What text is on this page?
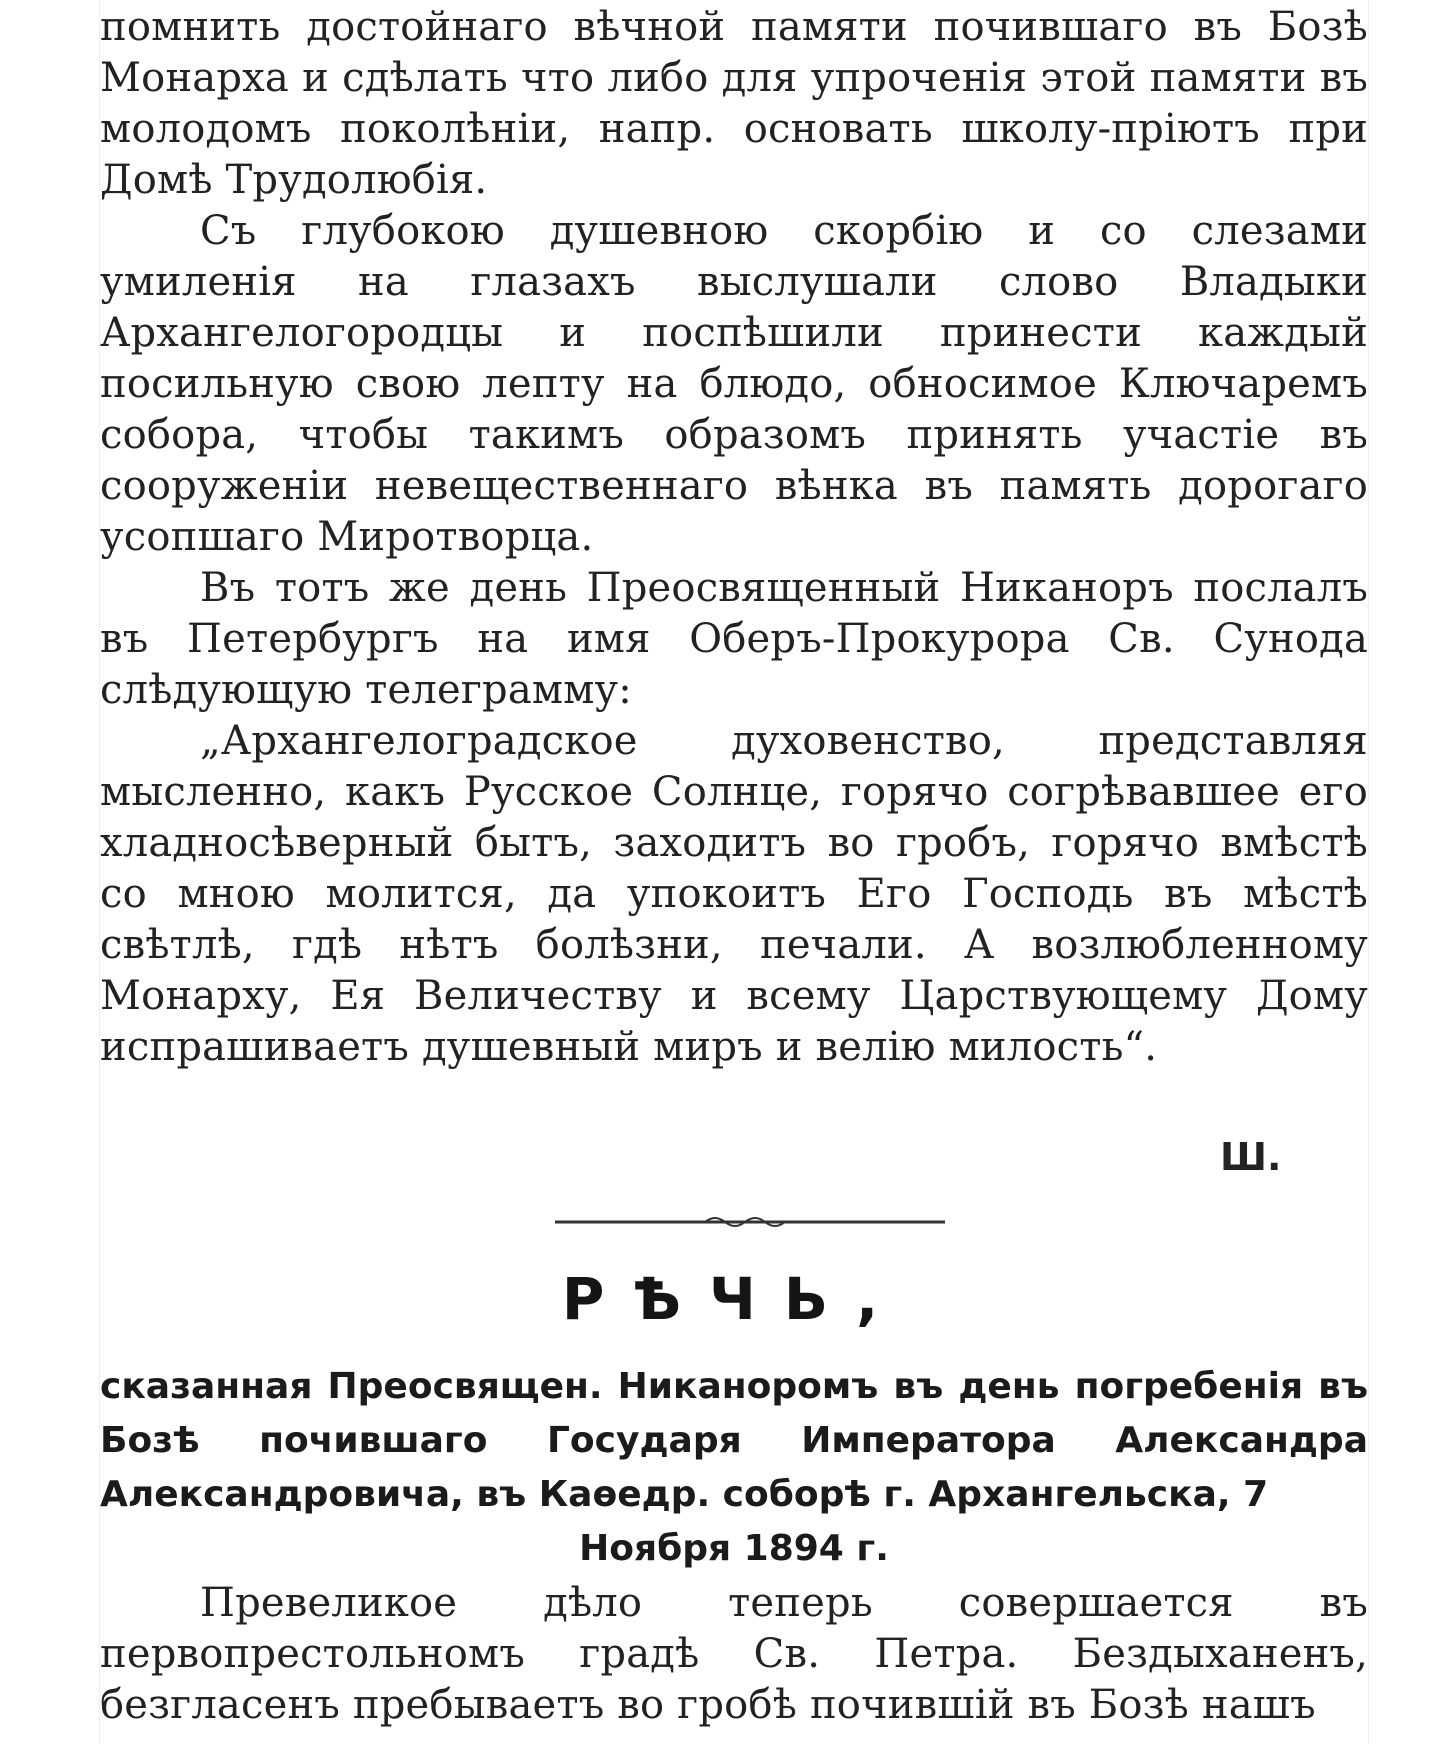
помнить достойнаго вѣчной памяти почившаго въ Бозѣ Монарха и сдѣлать что либо для упроченія этой памяти въ молодомъ поколѣніи, напр. основать школу-пріютъ при Домѣ Трудолюбія.

Съ глубокою душевною скорбію и со слезами умиленія на глазахъ выслушали слово Владыки Архангелогородцы и поспѣшили принести каждый посильную свою лепту на блюдо, обносимое Ключаремъ собора, чтобы такимъ образомъ принять участіе въ сооруженіи невещественнаго вѣнка въ память дорогаго усопшаго Миротворца.

Въ тотъ же день Преосвященный Никаноръ послалъ въ Петербургъ на имя Оберъ-Прокурора Св. Сунода слѣдующую телеграмму:

„Архангелоградское духовенство, представляя мысленно, какъ Русское Солнце, горячо согрѣвавшее его хладносѣверный бытъ, заходитъ во гробъ, горячо вмѣстѣ со мною молится, да упокоитъ Его Господь въ мѣстѣ свѣтлѣ, гдѣ нѣтъ болѣзни, печали. А возлюбленному Монарху, Ея Величеству и всему Царствующему Дому испрашиваетъ душевный миръ и велію милость“.

Ш.
РѢЧЬ,
сказанная Преосвящен. Никаноромъ въ день погребенія въ Бозѣ почившаго Государя Императора Александра Александровича, въ Каѳедр. соборѣ г. Архангельска, 7
Ноября 1894 г.

Превеликое дѣло теперь совершается въ первопрестольномъ градѣ Св. Петра. Бездыханенъ, безгласенъ пребываетъ во гробѣ почившій въ Бозѣ нашъ
